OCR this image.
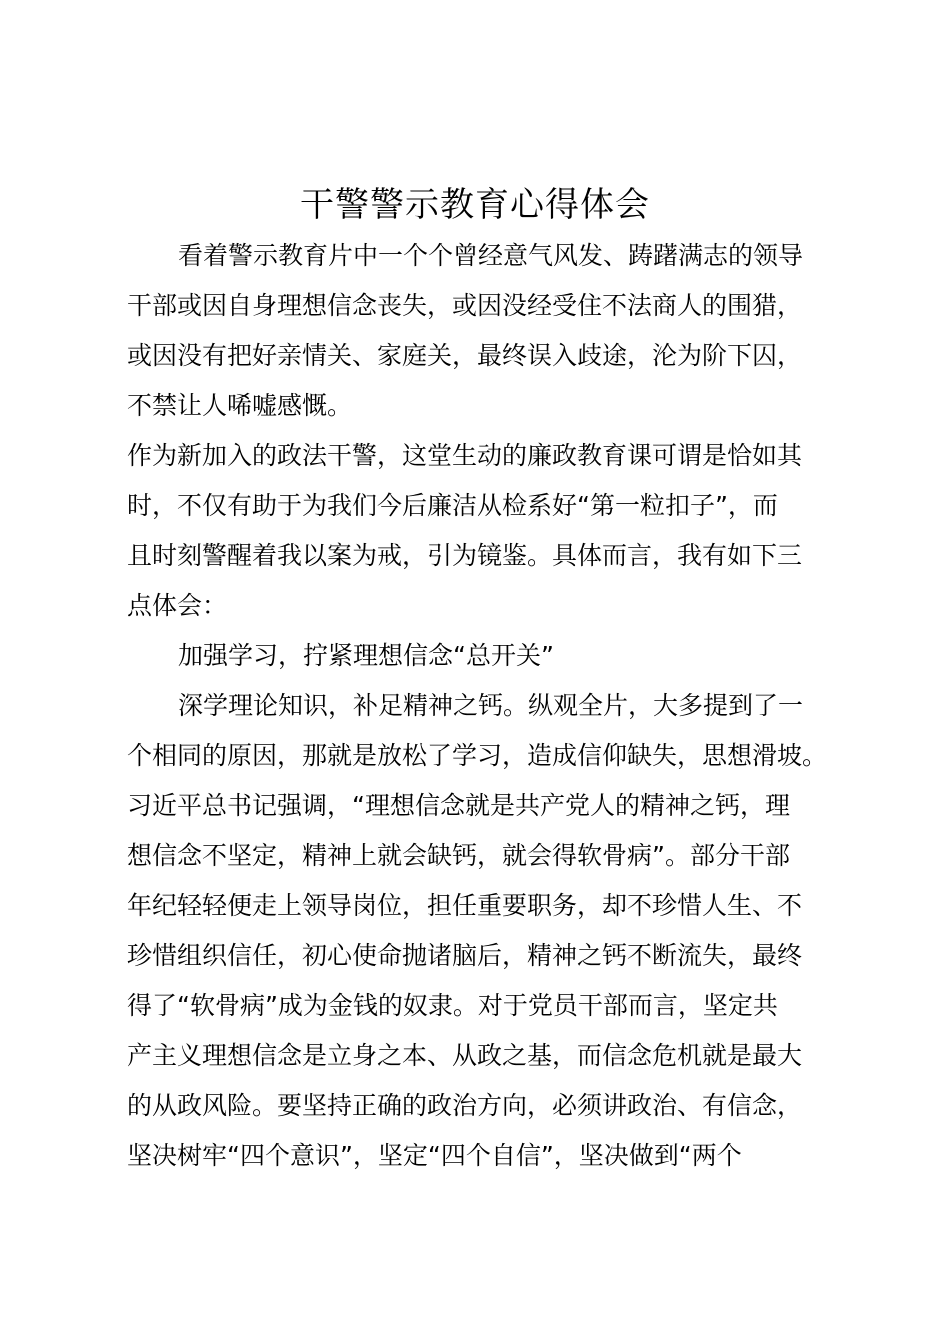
干警警示教育心得体会
看着警示教育片中一个个曾经意气风发、踌躇满志的领导
干部或因自身理想信念丧失，或因没经受住不法商人的围猎，
或因没有把好亲情关、家庭关，最终误入歧途，沦为阶下囚，
不禁让人唏嘘感慨。
作为新加入的政法干警，这堂生动的廉政教育课可谓是恰如其
时，不仅有助于为我们今后廉洁从检系好“第一粒扣子”，而
且时刻警醒着我以案为戒，引为镜鉴。具体而言，我有如下三
点体会：
加强学习，拧紧理想信念“总开关”
深学理论知识，补足精神之钙。纵观全片，大多提到了一
个相同的原因，那就是放松了学习，造成信仰缺失，思想滑坡。
习近平总书记强调，“理想信念就是共产党人的精神之钙，理
想信念不坚定，精神上就会缺钙，就会得软骨病”。部分干部
年纪轻轻便走上领导岗位，担任重要职务，却不珍惜人生、不
珍惜组织信任，初心使命抛诸脑后，精神之钙不断流失，最终
得了“软骨病”成为金钱的奴隶。对于党员干部而言，坚定共
产主义理想信念是立身之本、从政之基，而信念危机就是最大
的从政风险。要坚持正确的政治方向，必须讲政治、有信念，
坚决树牢“四个意识”，坚定“四个自信”，坚决做到“两个
